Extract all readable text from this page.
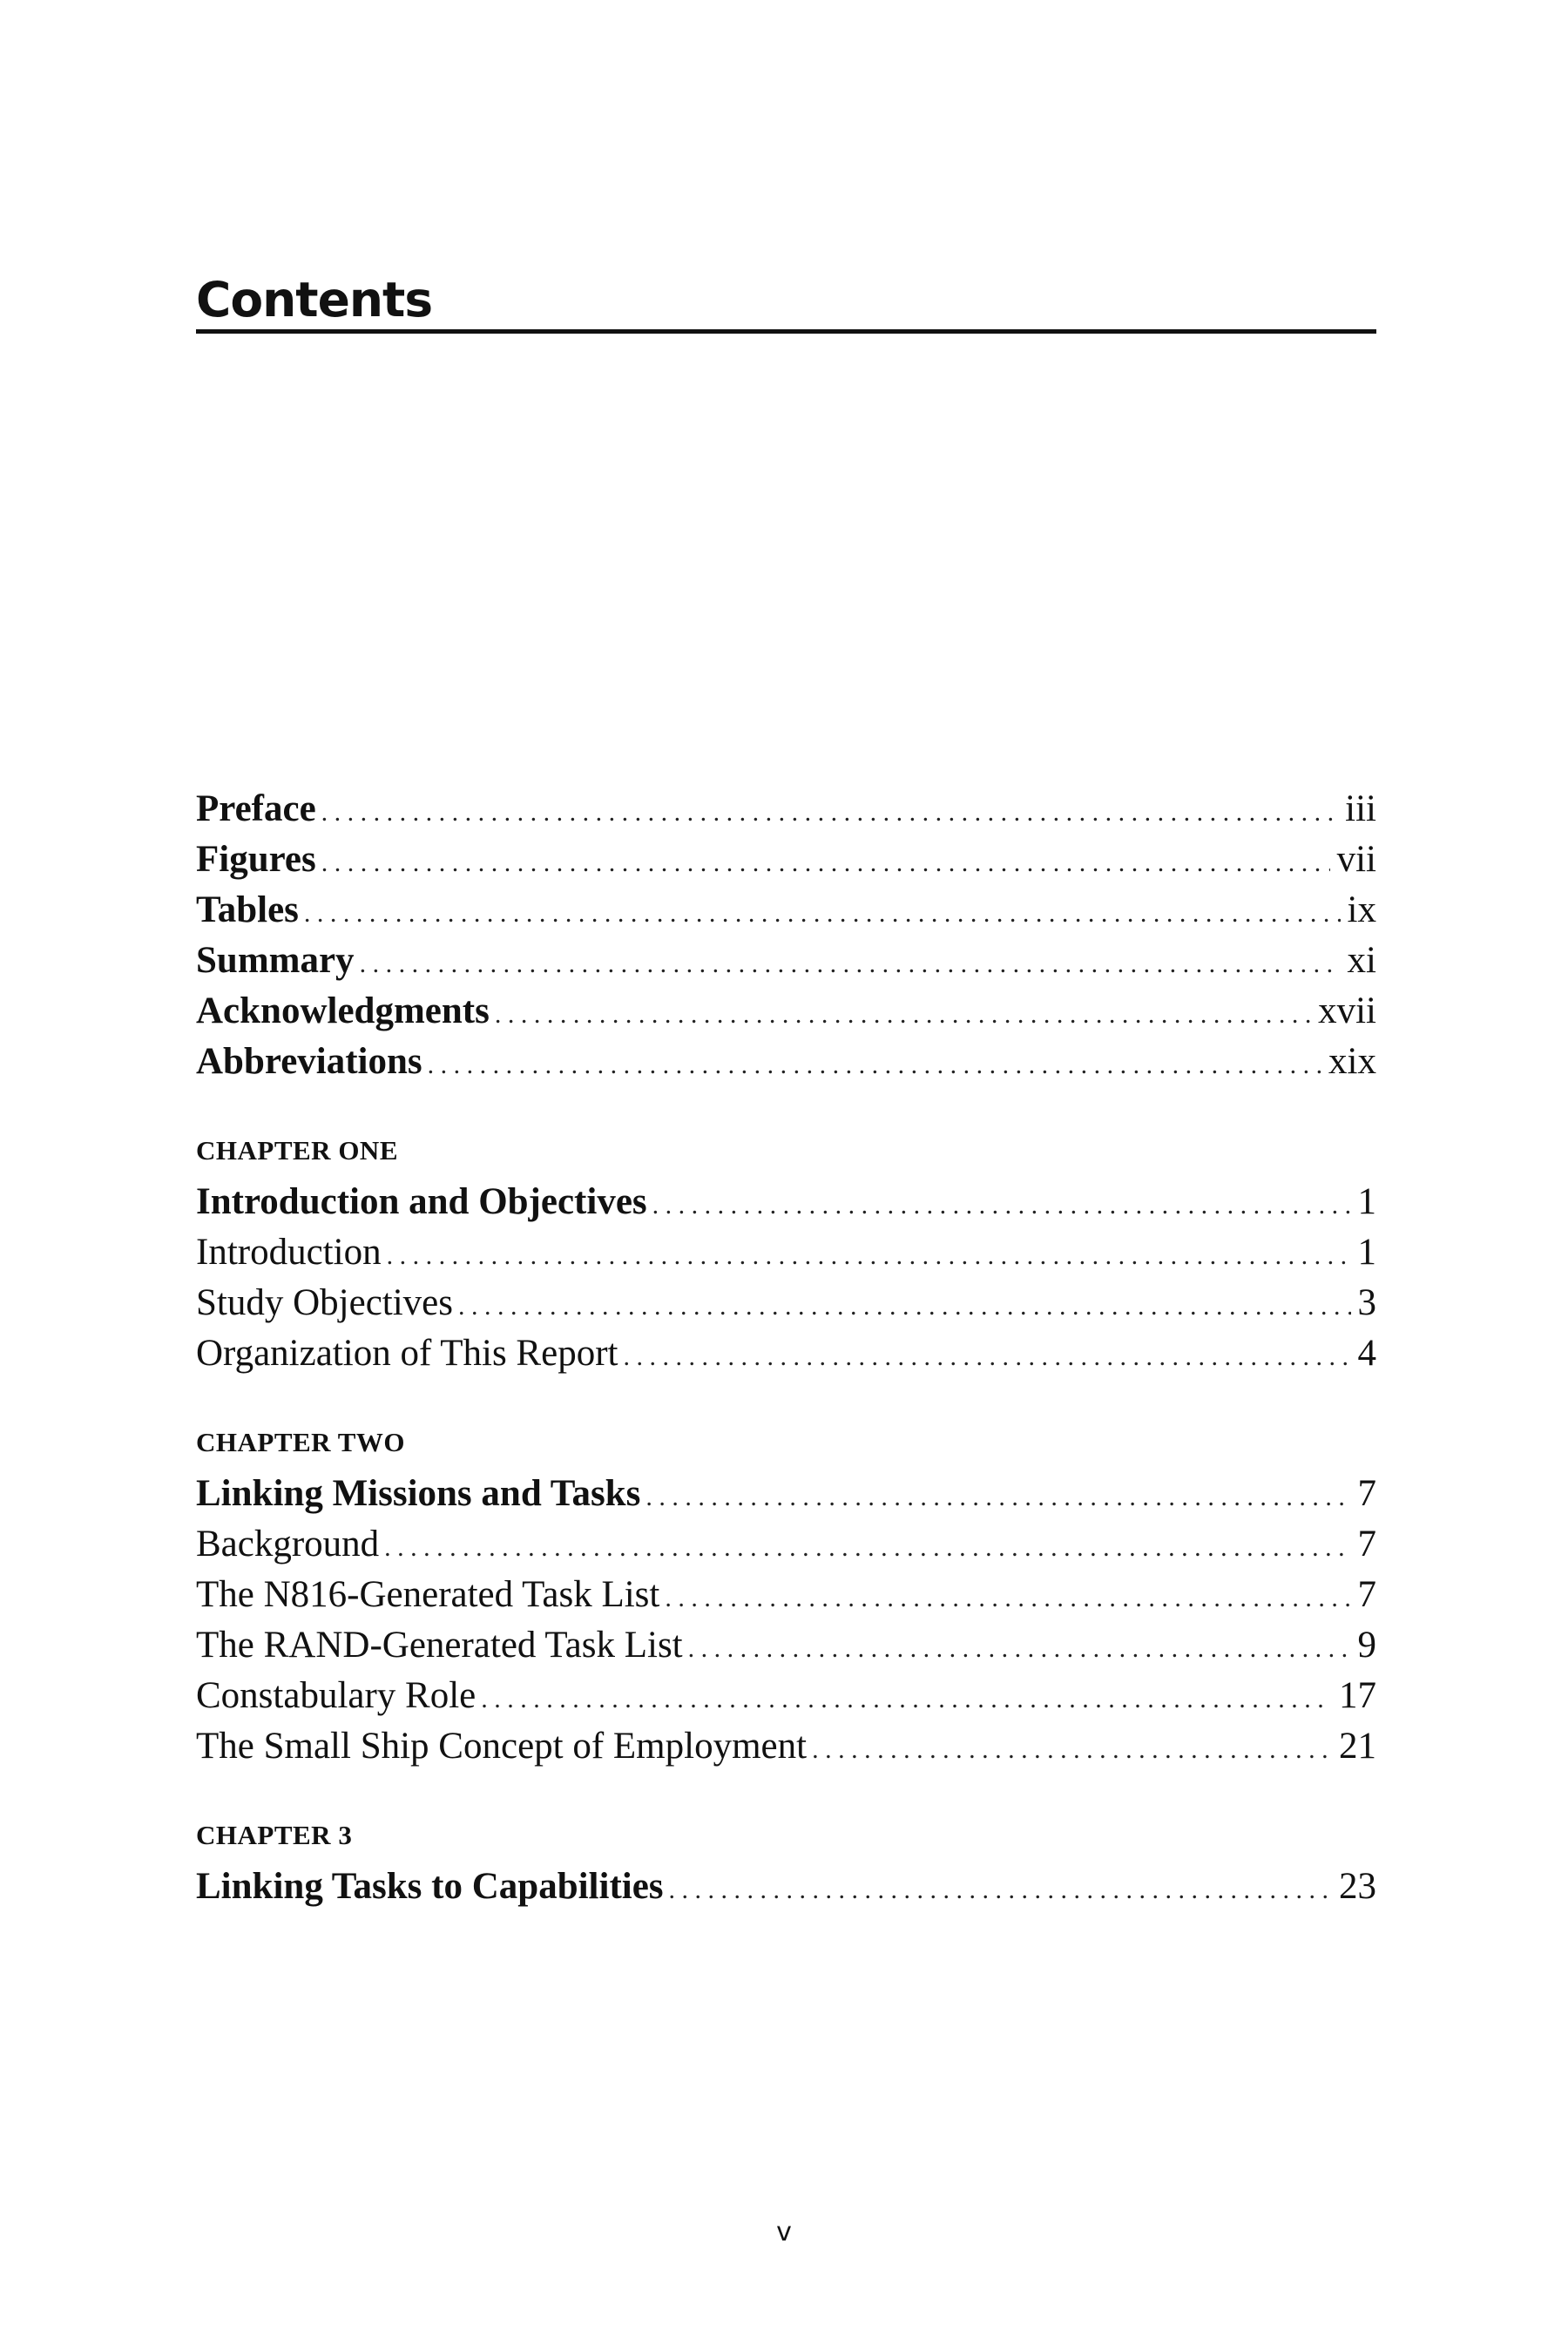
Contents
Preface . . .	iii
Figures . . .	vii
Tables . . .	ix
Summary . . .	xi
Acknowledgments . . .	xvii
Abbreviations . . .	xix
CHAPTER ONE
Introduction and Objectives . . .	1
Introduction . . .	1
Study Objectives . . .	3
Organization of This Report . . .	4
CHAPTER TWO
Linking Missions and Tasks . . .	7
Background . . .	7
The N816-Generated Task List . . .	7
The RAND-Generated Task List . . .	9
Constabulary Role . . .	17
The Small Ship Concept of Employment . . .	21
CHAPTER 3
Linking Tasks to Capabilities . . .	23
v
